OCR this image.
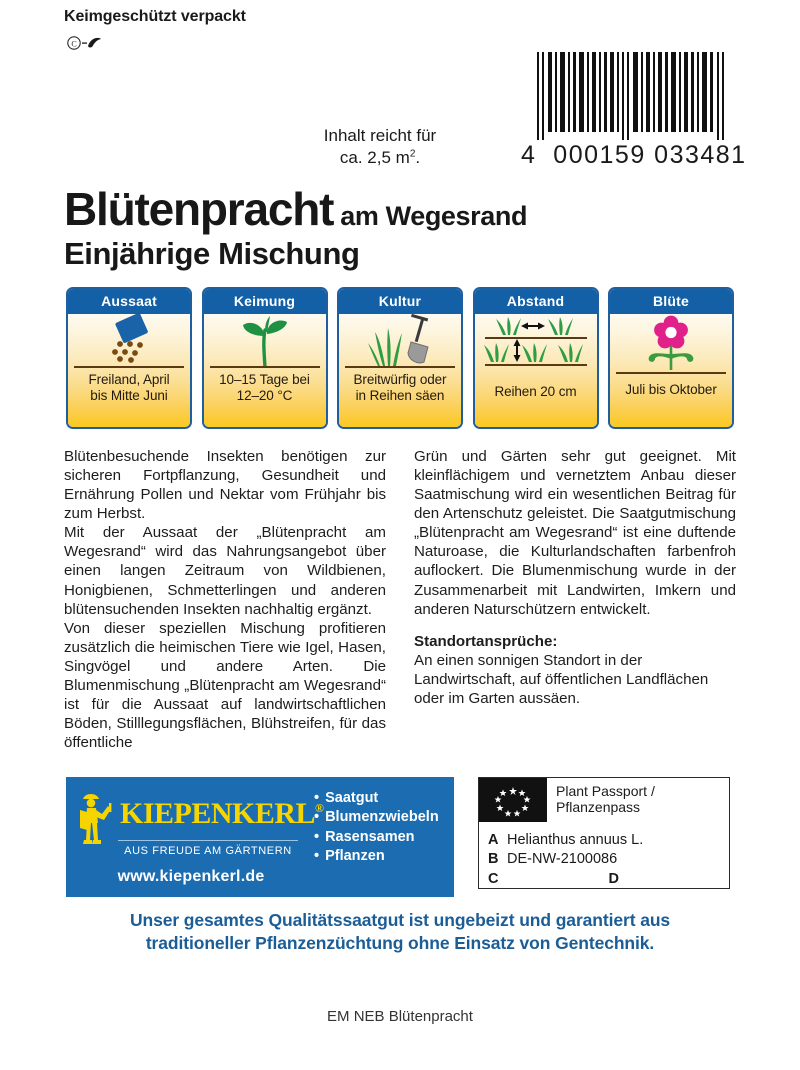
Keimgeschützt verpackt
C
4  000159 033481
Inhalt reicht für
ca. 2,5 $m^2$.
Blütenpracht am Wegesrand
Einjährige Mischung
Aussaat
Freiland, April
bis Mitte Juni
Keimung
10–15 Tage bei
12–20 °C
Kultur
Breitwürfig oder
in Reihen säen
Abstand
Reihen 20 cm
Blüte
Juli bis Oktober

Blütenbesuchende Insekten benötigen zur sicheren Fortpflanzung, Gesundheit und Ernährung Pollen und Nektar vom Frühjahr bis zum Herbst.

Mit der Aussaat der „Blütenpracht am Wegesrand“ wird das Nahrungsangebot über einen langen Zeitraum von Wildbienen, Honigbienen, Schmetterlingen und anderen blütensuchenden Insekten nachhaltig ergänzt.

Von dieser speziellen Mischung profitieren zusätzlich die heimischen Tiere wie Igel, Hasen, Singvögel und andere Arten. Die Blumenmischung „Blütenpracht am Wegesrand“ ist für die Aussaat auf landwirtschaftlichen Böden, Stilllegungsflächen, Blühstreifen, für das öffentliche

Grün und Gärten sehr gut geeignet. Mit kleinflächigem und vernetztem Anbau dieser Saatmischung wird ein wesentlichen Beitrag für den Artenschutz geleistet. Die Saatgutmischung „Blütenpracht am Wegesrand“ ist eine duftende Naturoase, die Kulturlandschaften farbenfroh auflockert. Die Blumenmischung wurde in der Zusammenarbeit mit Landwirten, Imkern und anderen Naturschützern entwickelt.

Standortansprüche:

An einen sonnigen Standort in der Landwirtschaft, auf öffentlichen Landflächen oder im Garten aussäen.

KIEPENKERL®
AUS FREUDE AM GÄRTNERN
• Saatgut
• Blumenzwiebeln
• Rasensamen
• Pflanzen
www.kiepenkerl.de
Plant Passport /
Pflanzenpass
A Helianthus annuus L.
B DE-NW-2100086
C	D
Unser gesamtes Qualitätssaatgut ist ungebeizt und garantiert aus
traditioneller Pflanzenzüchtung ohne Einsatz von Gentechnik.
EM NEB Blütenpracht
